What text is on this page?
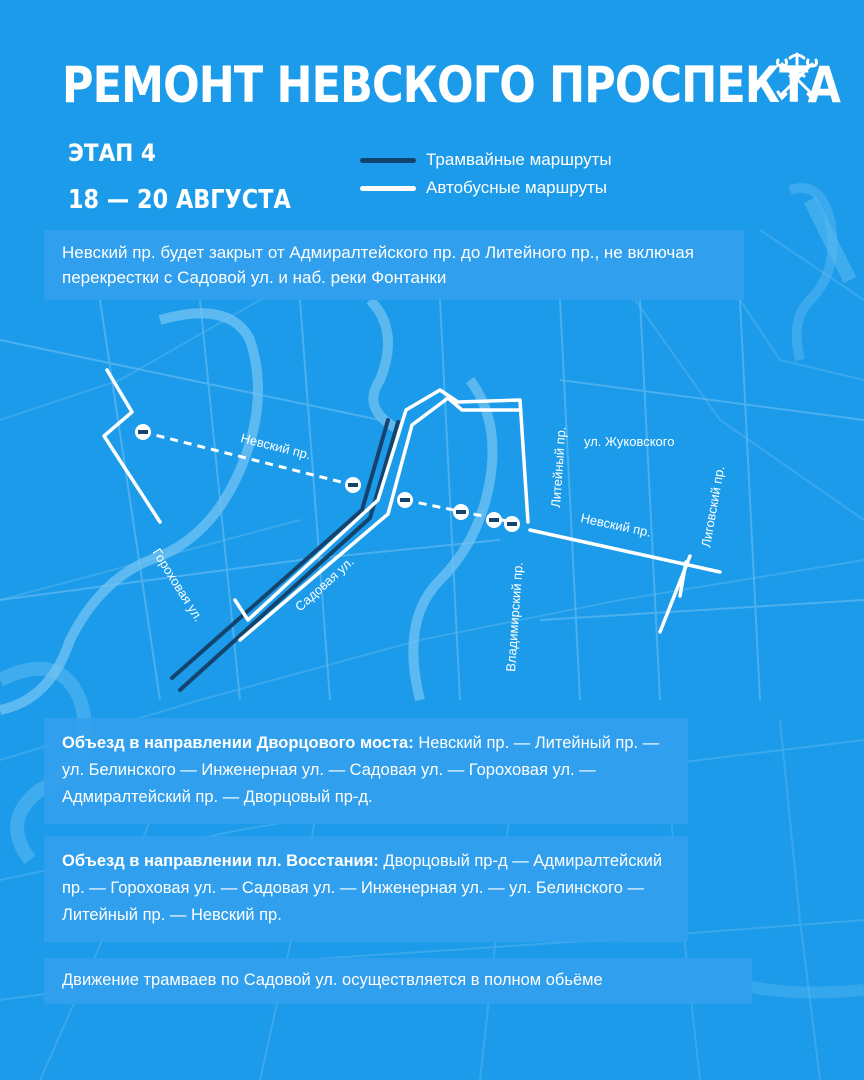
РЕМОНТ НЕВСКОГО ПРОСПЕКТА
ЭТАП 4
18 — 20 АВГУСТА
Трамвайные маршруты
Автобусные маршруты
Невский пр. будет закрыт от Адмиралтейского пр. до Литейного пр., не включая перекрестки с Садовой ул. и наб. реки Фонтанки
Невский пр.
Невский пр.
Гороховая ул.	Садовая ул.
Литейный пр. ул. Жуковского
Лиговский пр.
Владимирский пр.
Объезд в направлении Дворцового моста: Невский пр. — Литейный пр. — ул. Белинского — Инженерная ул. — Садовая ул. — Гороховая ул. — Адмиралтейский пр. — Дворцовый пр-д.
Объезд в направлении пл. Восстания: Дворцовый пр-д — Адмиралтейский пр. — Гороховая ул. — Садовая ул. — Инженерная ул. — ул. Белинского — Литейный пр. — Невский пр.
Движение трамваев по Садовой ул. осуществляется в полном обьёме
